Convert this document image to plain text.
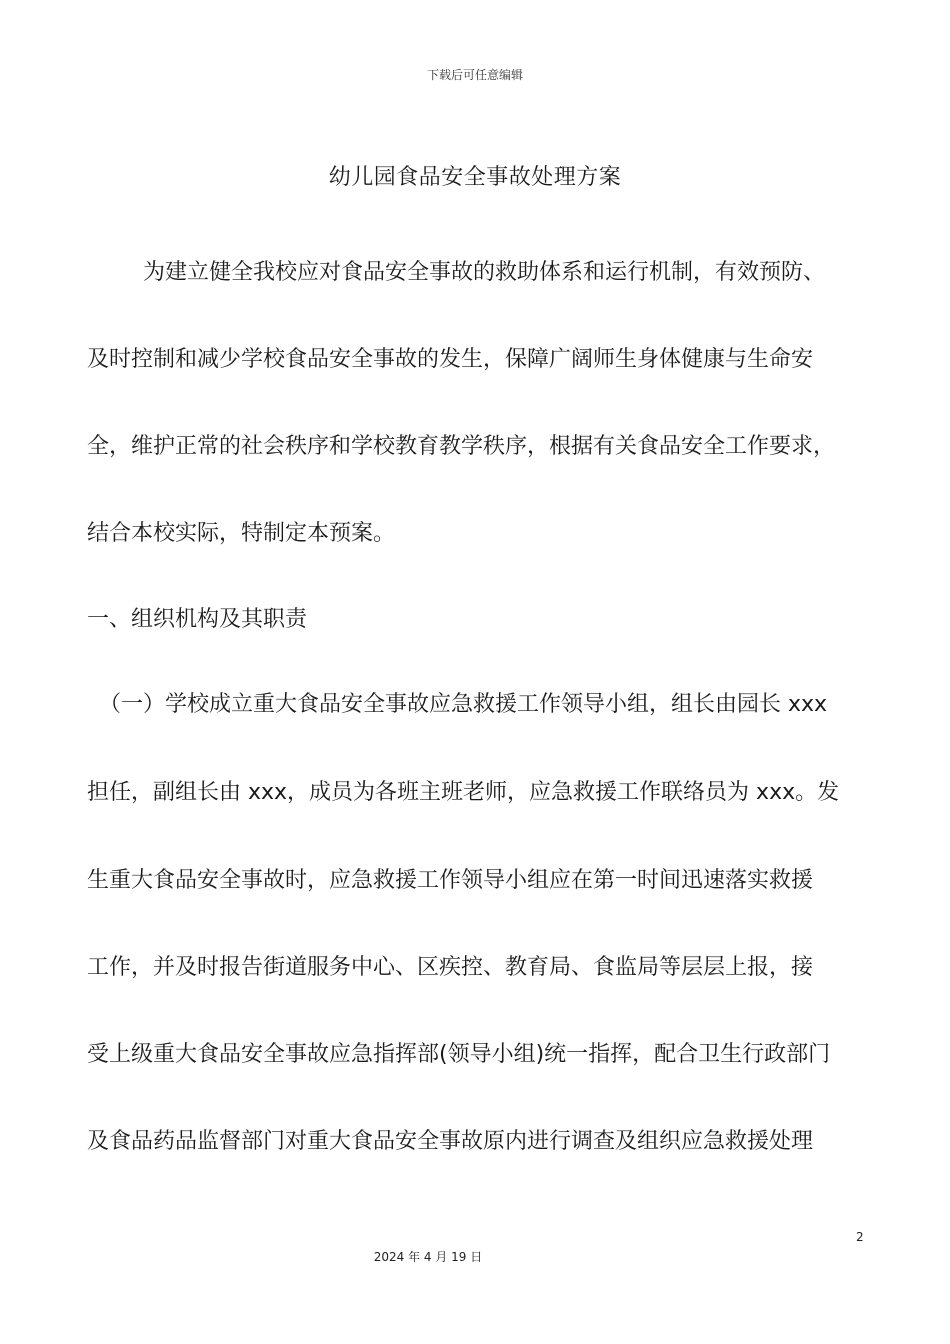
下载后可任意编辑
幼儿园食品安全事故处理方案
为建立健全我校应对食品安全事故的救助体系和运行机制，有效预防、
及时控制和减少学校食品安全事故的发生，保障广阔师生身体健康与生命安
全，维护正常的社会秩序和学校教育教学秩序，根据有关食品安全工作要求，
结合本校实际，特制定本预案。
一、组织机构及其职责
（一）学校成立重大食品安全事故应急救援工作领导小组，组长由园长 xxx
担任，副组长由 xxx，成员为各班主班老师，应急救援工作联络员为 xxx。发
生重大食品安全事故时，应急救援工作领导小组应在第一时间迅速落实救援
工作，并及时报告街道服务中心、区疾控、教育局、食监局等层层上报，接
受上级重大食品安全事故应急指挥部(领导小组)统一指挥，配合卫生行政部门
及食品药品监督部门对重大食品安全事故原内进行调查及组织应急救援处理
2
2024 年 4 月 19 日
